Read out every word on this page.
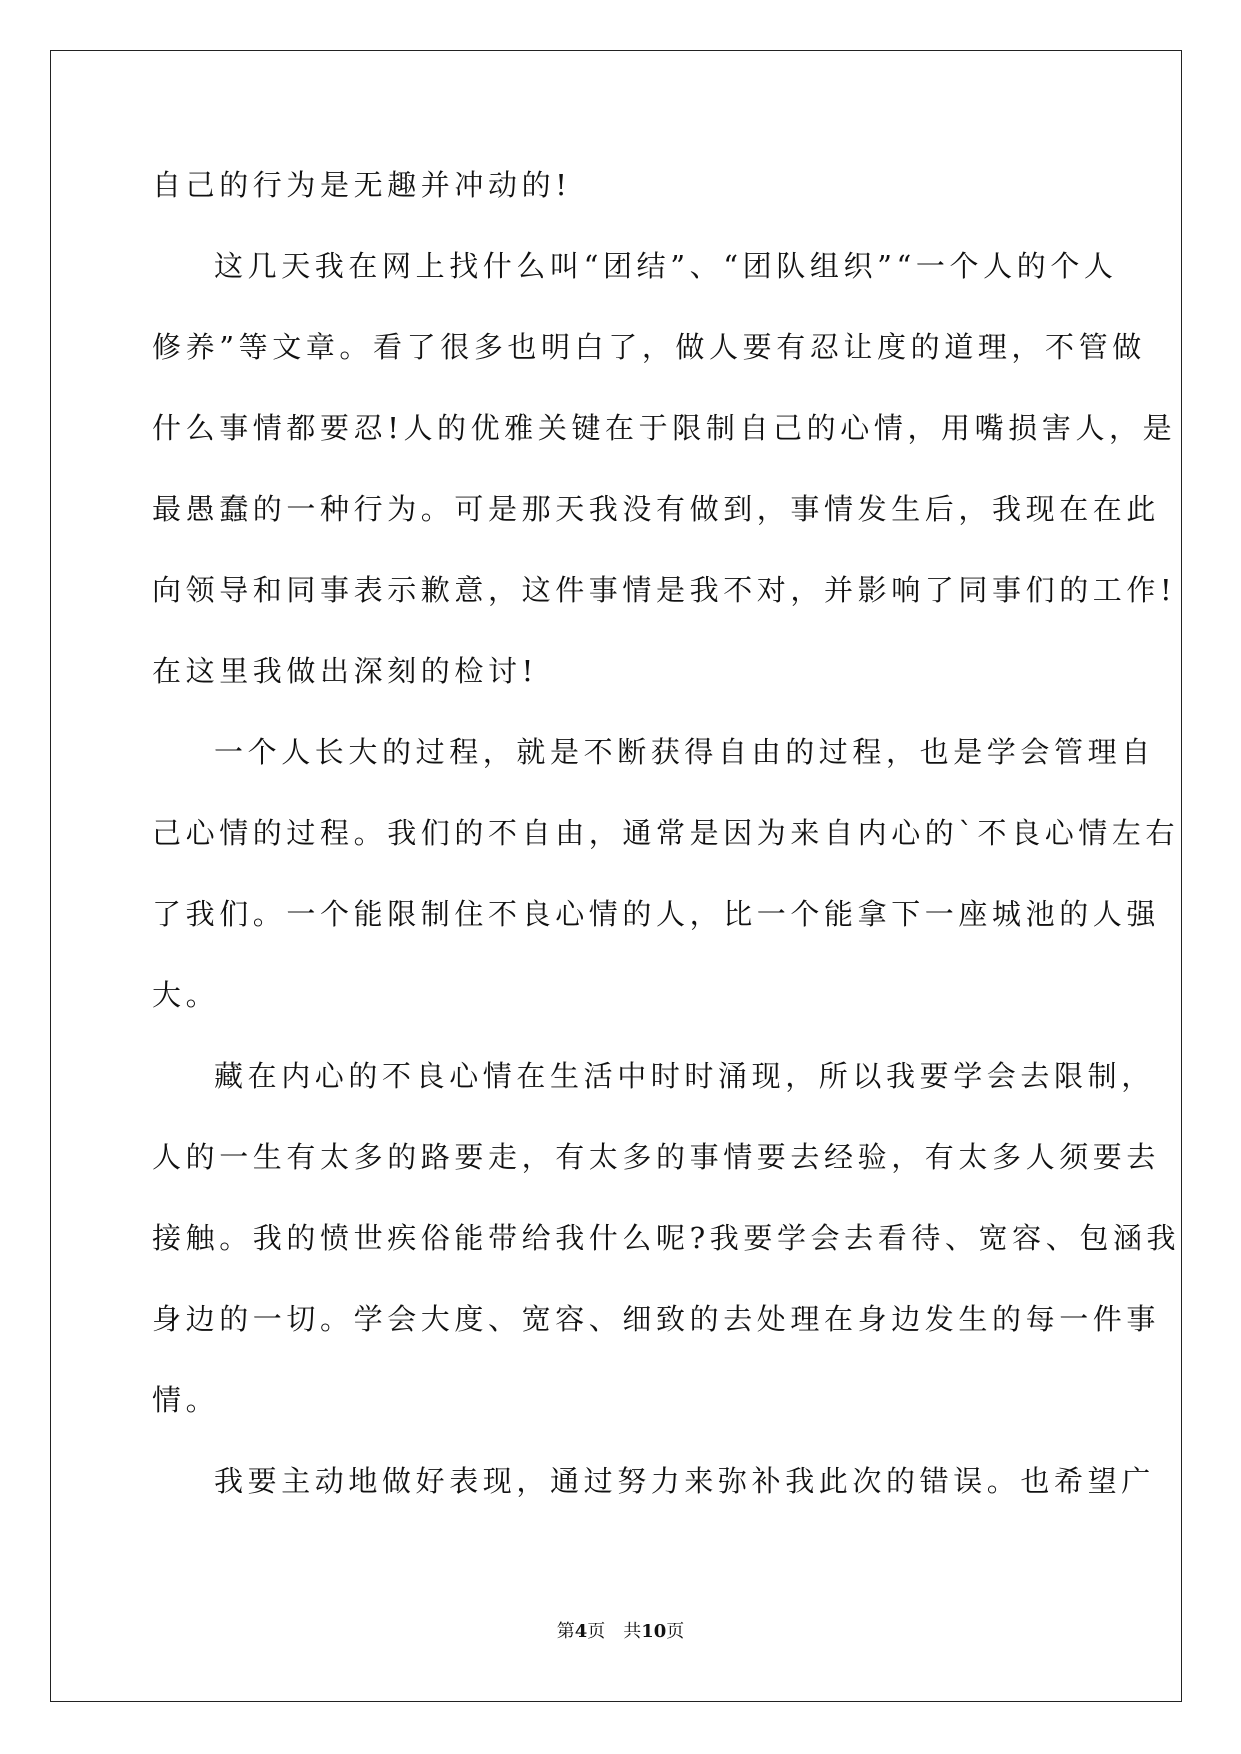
自己的行为是无趣并冲动的!
这几天我在网上找什么叫“团结”、“团队组织”“一个人的个人
修养”等文章。看了很多也明白了，做人要有忍让度的道理，不管做
什么事情都要忍!人的优雅关键在于限制自己的心情，用嘴损害人，是
最愚蠢的一种行为。可是那天我没有做到，事情发生后，我现在在此
向领导和同事表示歉意，这件事情是我不对，并影响了同事们的工作!
在这里我做出深刻的检讨!
一个人长大的过程，就是不断获得自由的过程，也是学会管理自
己心情的过程。我们的不自由，通常是因为来自内心的`不良心情左右
了我们。一个能限制住不良心情的人，比一个能拿下一座城池的人强
大。
藏在内心的不良心情在生活中时时涌现，所以我要学会去限制，
人的一生有太多的路要走，有太多的事情要去经验，有太多人须要去
接触。我的愤世疾俗能带给我什么呢?我要学会去看待、宽容、包涵我
身边的一切。学会大度、宽容、细致的去处理在身边发生的每一件事
情。
我要主动地做好表现，通过努力来弥补我此次的错误。也希望广
第4页 共10页
